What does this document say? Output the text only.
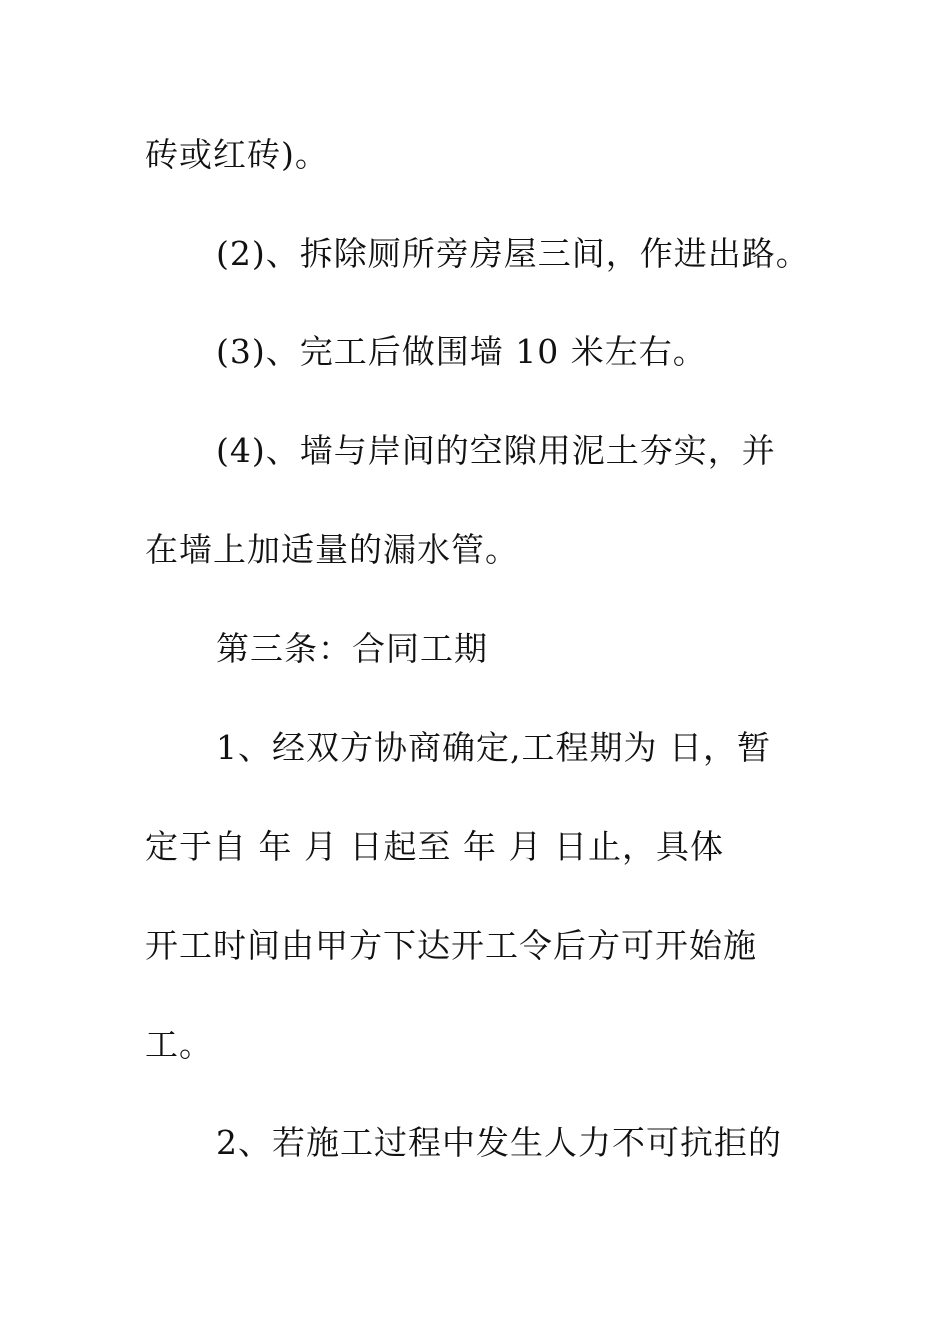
砖或红砖)。
(2)、拆除厕所旁房屋三间，作进出路。
(3)、完工后做围墙 10 米左右。
(4)、墙与岸间的空隙用泥土夯实，并
在墙上加适量的漏水管。
第三条：合同工期
1、经双方协商确定,工程期为 日，暂
定于自 年 月 日起至 年 月 日止，具体
开工时间由甲方下达开工令后方可开始施
工。
2、若施工过程中发生人力不可抗拒的
